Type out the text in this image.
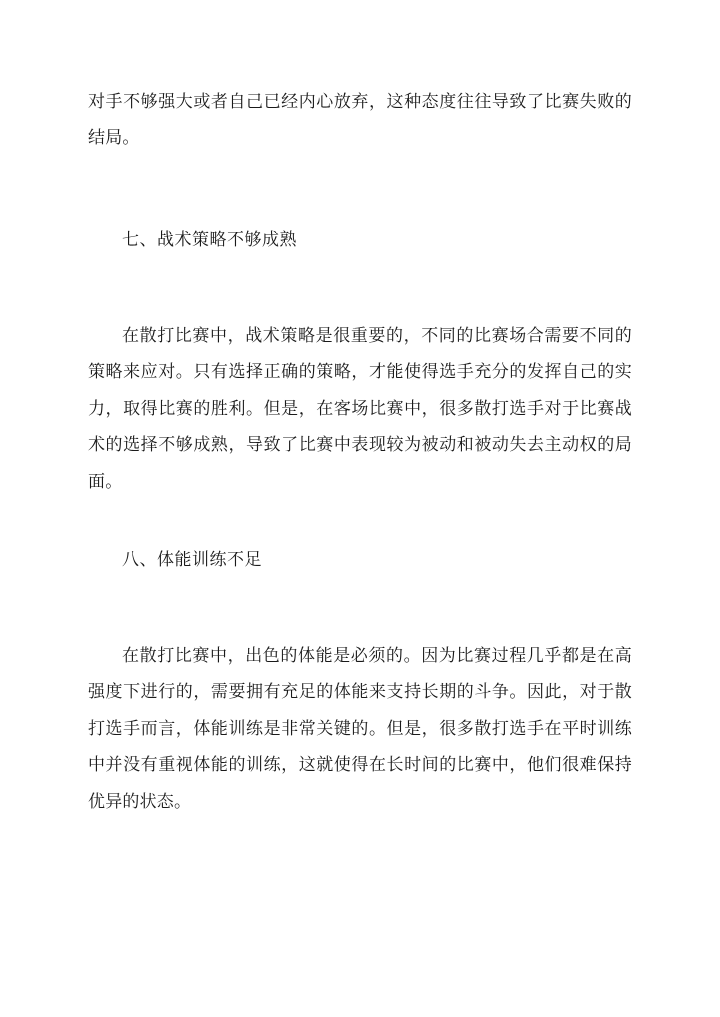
对手不够强大或者自己已经内心放弃，这种态度往往导致了比赛失败的结局。

七、战术策略不够成熟

在散打比赛中，战术策略是很重要的，不同的比赛场合需要不同的策略来应对。只有选择正确的策略，才能使得选手充分的发挥自己的实力，取得比赛的胜利。但是，在客场比赛中，很多散打选手对于比赛战术的选择不够成熟，导致了比赛中表现较为被动和被动失去主动权的局面。

八、体能训练不足

在散打比赛中，出色的体能是必须的。因为比赛过程几乎都是在高强度下进行的，需要拥有充足的体能来支持长期的斗争。因此，对于散打选手而言，体能训练是非常关键的。但是，很多散打选手在平时训练中并没有重视体能的训练，这就使得在长时间的比赛中，他们很难保持优异的状态。
